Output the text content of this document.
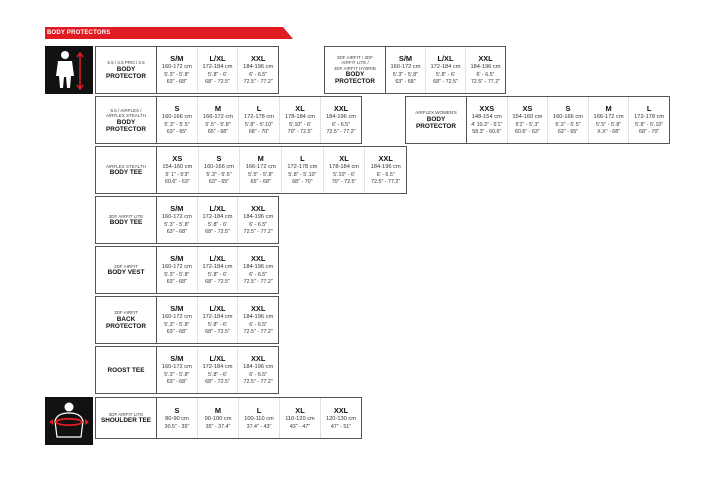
BODY PROTECTORS
5.5 / 4.5 PRO / 3.5
BODY
PROTECTOR
S/M
160-172 cm
5'.3" - 5'.8"
63" - 68"
L/XL
172-184 cm
5'.8" - 6'
68" - 72.5"
XXL
184-196 cm
6' - 6.5"
72.5" - 77.2"
3DF AIRFIT / 3DF
AIRFIT LITE /
3DF AIRFIT HYBRID
BODY
PROTECTOR
S/M
160-172 cm
5'.3" - 5'.8"
63" - 68"
L/XL
172-184 cm
5'.8" - 6'
68" - 72.5"
XXL
184-196 cm
6' - 6.5"
72.5" - 77.2"
6.5 / AIRFLEX /
AIRFLEX STEALTH
BODY
PROTECTOR
S
160-166 cm
5'.3" - 5'.5"
63" - 65"
M
166-172 cm
5'.5" - 5'.8"
65" - 68"
L
172-178 cm
5'.8" - 5'.10"
68" - 70"
XL
178-184 cm
5'.10" - 6'
70" - 72.5"
XXL
184-196 cm
6' - 6.5"
72.5" - 77.2"
AIRFLEX WOMEN'S
BODY
PROTECTOR
XXS
148-154 cm
4' 10.3" - 5'1"
58.3" - 60.6"
XS
154-160 cm
5'1" - 5'.3"
60.6" - 63"
S
160-166 cm
5'.3" - 5'.5"
63" - 65"
M
166-172 cm
5'.5" - 5'.8"
X.X" - 68"
L
172-178 cm
5'.8" - 5'.10"
68" - 70"
AIRFLEX STEALTH
BODY TEE
XS
154-160 cm
5' 1" - 5'3"
60.6" - 63"
S
160-166 cm
5'.3" - 5'.5"
63" - 65"
M
166-172 cm
5'.5" - 5'.8"
65" - 68"
L
172-178 cm
5'.8" - 5'.10"
68" - 70"
XL
178-184 cm
5'.10" - 6'
70" - 72.5"
XXL
184-196 cm
6' - 6.5"
72.5" - 77.2"
3DF AIRFIT LITE
BODY TEE
S/M
160-172 cm
5'.3" - 5'.8"
63" - 68"
L/XL
172-184 cm
5'.8" - 6'
68" - 72.5"
XXL
184-196 cm
6' - 6.5"
72.5" - 77.2"
3DF AIRFIT
BODY VEST
S/M
160-172 cm
5'.3" - 5'.8"
63" - 68"
L/XL
172-184 cm
5'.8" - 6'
68" - 72.5"
XXL
184-196 cm
6' - 6.5"
72.5" - 77.2"
3DF AIRFIT
BACK
PROTECTOR
S/M
160-172 cm
5'.3" - 5'.8"
63" - 68"
L/XL
172-184 cm
5'.8" - 6'
68" - 72.5"
XXL
184-196 cm
6' - 6.5"
72.5" - 77.2"
ROOST TEE
S/M
160-172 cm
5'.3" - 5'.8"
63" - 68"
L/XL
172-184 cm
5'.8" - 6'
68" - 72.5"
XXL
184-196 cm
6' - 6.5"
72.5" - 77.2"
3DF AIRFIT LITE
SHOULDER TEE
S
80-90 cm
30.5" - 35"
M
90-100 cm
35" - 37.4"
L
100-110 cm
37.4" - 43"
XL
110-120 cm
43" - 47"
XXL
120-130 cm
47" - 51"
